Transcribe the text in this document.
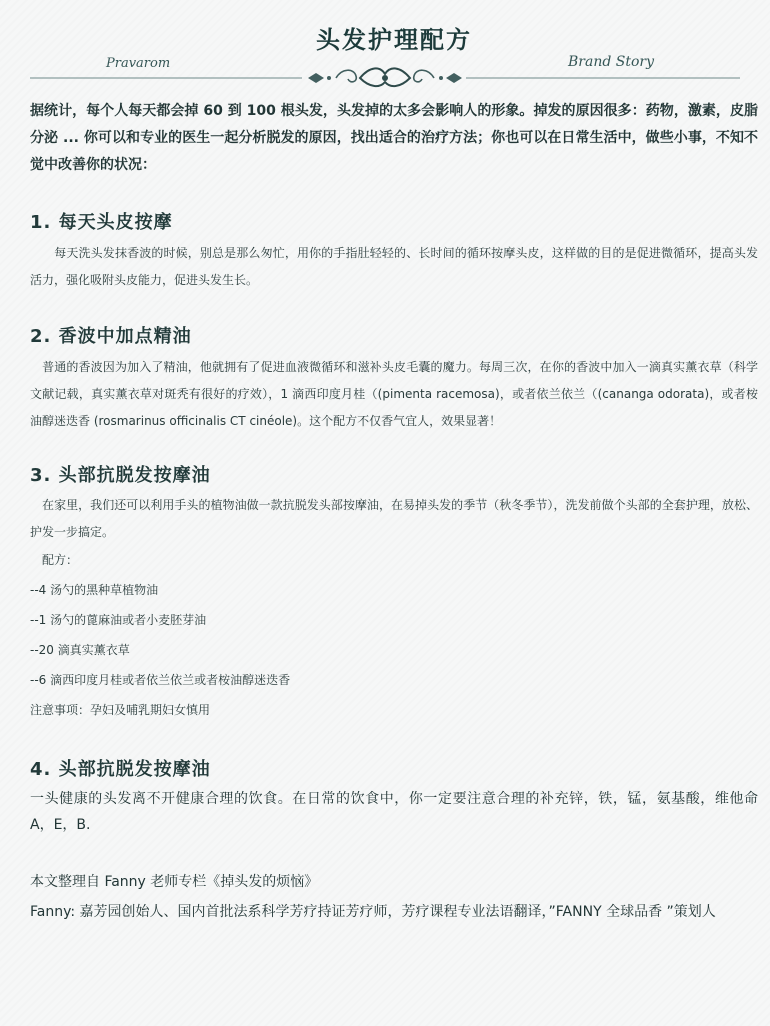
头发护理配方
Pravarom	Brand Story
据统计，每个人每天都会掉 60 到 100 根头发，头发掉的太多会影响人的形象。掉发的原因很多：药物，激素，皮脂分泌 ... 你可以和专业的医生一起分析脱发的原因，找出适合的治疗方法；你也可以在日常生活中，做些小事，不知不觉中改善你的状况：
1. 每天头皮按摩
　　每天洗头发抹香波的时候，别总是那么匆忙，用你的手指肚轻轻的、长时间的循环按摩头皮，这样做的目的是促进微循环，提高头发活力，强化吸附头皮能力，促进头发生长。
2. 香波中加点精油
　普通的香波因为加入了精油，他就拥有了促进血液微循环和滋补头皮毛囊的魔力。每周三次，在你的香波中加入一滴真实薰衣草（科学文献记载，真实薰衣草对斑秃有很好的疗效），1 滴西印度月桂（(pimenta racemosa)，或者依兰依兰（(cananga odorata)，或者桉油醇迷迭香 (rosmarinus officinalis CT cinéole)。这个配方不仅香气宜人，效果显著！
3. 头部抗脱发按摩油
　在家里，我们还可以利用手头的植物油做一款抗脱发头部按摩油，在易掉头发的季节（秋冬季节），洗发前做个头部的全套护理，放松、护发一步搞定。
　配方：
--4 汤勺的黑种草植物油
--1 汤勺的蓖麻油或者小麦胚芽油
--20 滴真实薰衣草
--6 滴西印度月桂或者依兰依兰或者桉油醇迷迭香
注意事项：孕妇及哺乳期妇女慎用
4. 头部抗脱发按摩油
一头健康的头发离不开健康合理的饮食。在日常的饮食中，你一定要注意合理的补充锌，铁，锰，氨基酸，维他命 A，E，B.
本文整理自 Fanny 老师专栏《掉头发的烦恼》
Fanny: 嘉芳园创始人、国内首批法系科学芳疗持证芳疗师，芳疗课程专业法语翻译，”FANNY 全球品香 ”策划人
